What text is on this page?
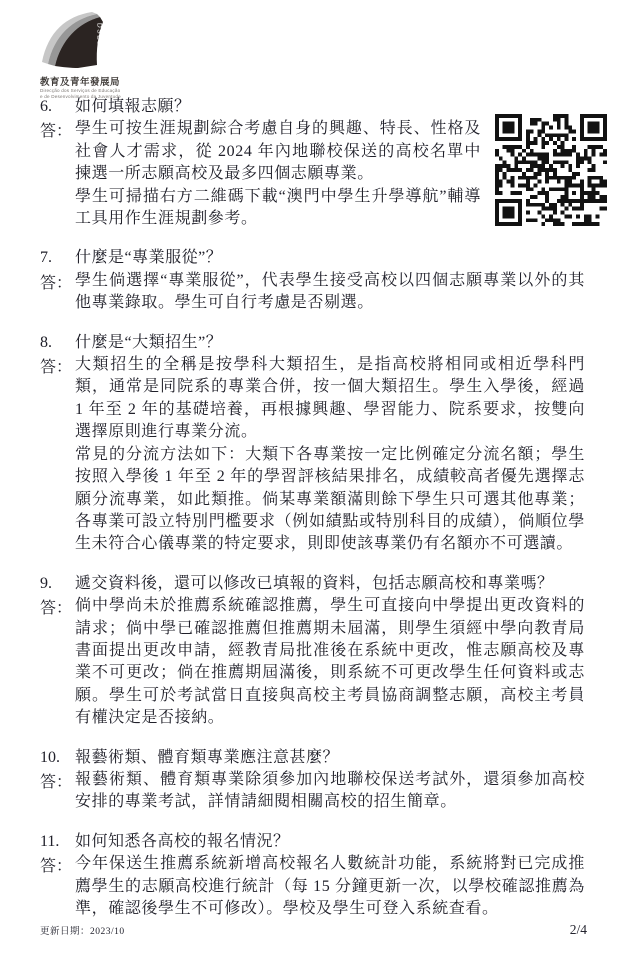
DSEDJ
教育及青年發展局
Direcção dos Serviços de Educação
e de Desenvolvimento da Juventude
6.	如何填報志願？
答： 學生可按生涯規劃綜合考慮自身的興趣、特長、性格及社會人才需求，從 2024 年內地聯校保送的高校名單中揀選一所志願高校及最多四個志願專業。

學生可掃描右方二維碼下載“澳門中學生升學導航”輔導工具用作生涯規劃參考。

7.	什麼是“專業服從”？
答： 學生倘選擇“專業服從”，代表學生接受高校以四個志願專業以外的其他專業錄取。學生可自行考慮是否剔選。

8.	什麼是“大類招生”？
答： 大類招生的全稱是按學科大類招生，是指高校將相同或相近學科門類，通常是同院系的專業合併，按一個大類招生。學生入學後，經過 1 年至 2 年的基礎培養，再根據興趣、學習能力、院系要求，按雙向選擇原則進行專業分流。

常見的分流方法如下：大類下各專業按一定比例確定分流名額；學生按照入學後 1 年至 2 年的學習評核結果排名，成績較高者優先選擇志願分流專業，如此類推。倘某專業額滿則餘下學生只可選其他專業；各專業可設立特別門檻要求（例如績點或特別科目的成績），倘順位學生未符合心儀專業的特定要求，則即使該專業仍有名額亦不可選讀。

9.	遞交資料後，還可以修改已填報的資料，包括志願高校和專業嗎？
答： 倘中學尚未於推薦系統確認推薦，學生可直接向中學提出更改資料的請求；倘中學已確認推薦但推薦期未屆滿，則學生須經中學向教青局書面提出更改申請，經教青局批准後在系統中更改，惟志願高校及專業不可更改；倘在推薦期屆滿後，則系統不可更改學生任何資料或志願。學生可於考試當日直接與高校主考員協商調整志願，高校主考員有權決定是否接納。

10. 報藝術類、體育類專業應注意甚麼？
答： 報藝術類、體育類專業除須參加內地聯校保送考試外，還須參加高校安排的專業考試，詳情請細閱相關高校的招生簡章。

11. 如何知悉各高校的報名情況？
答： 今年保送生推薦系統新增高校報名人數統計功能，系統將對已完成推薦學生的志願高校進行統計（每 15 分鐘更新一次，以學校確認推薦為準，確認後學生不可修改）。學校及學生可登入系統查看。

更新日期：2023/10	2/4
